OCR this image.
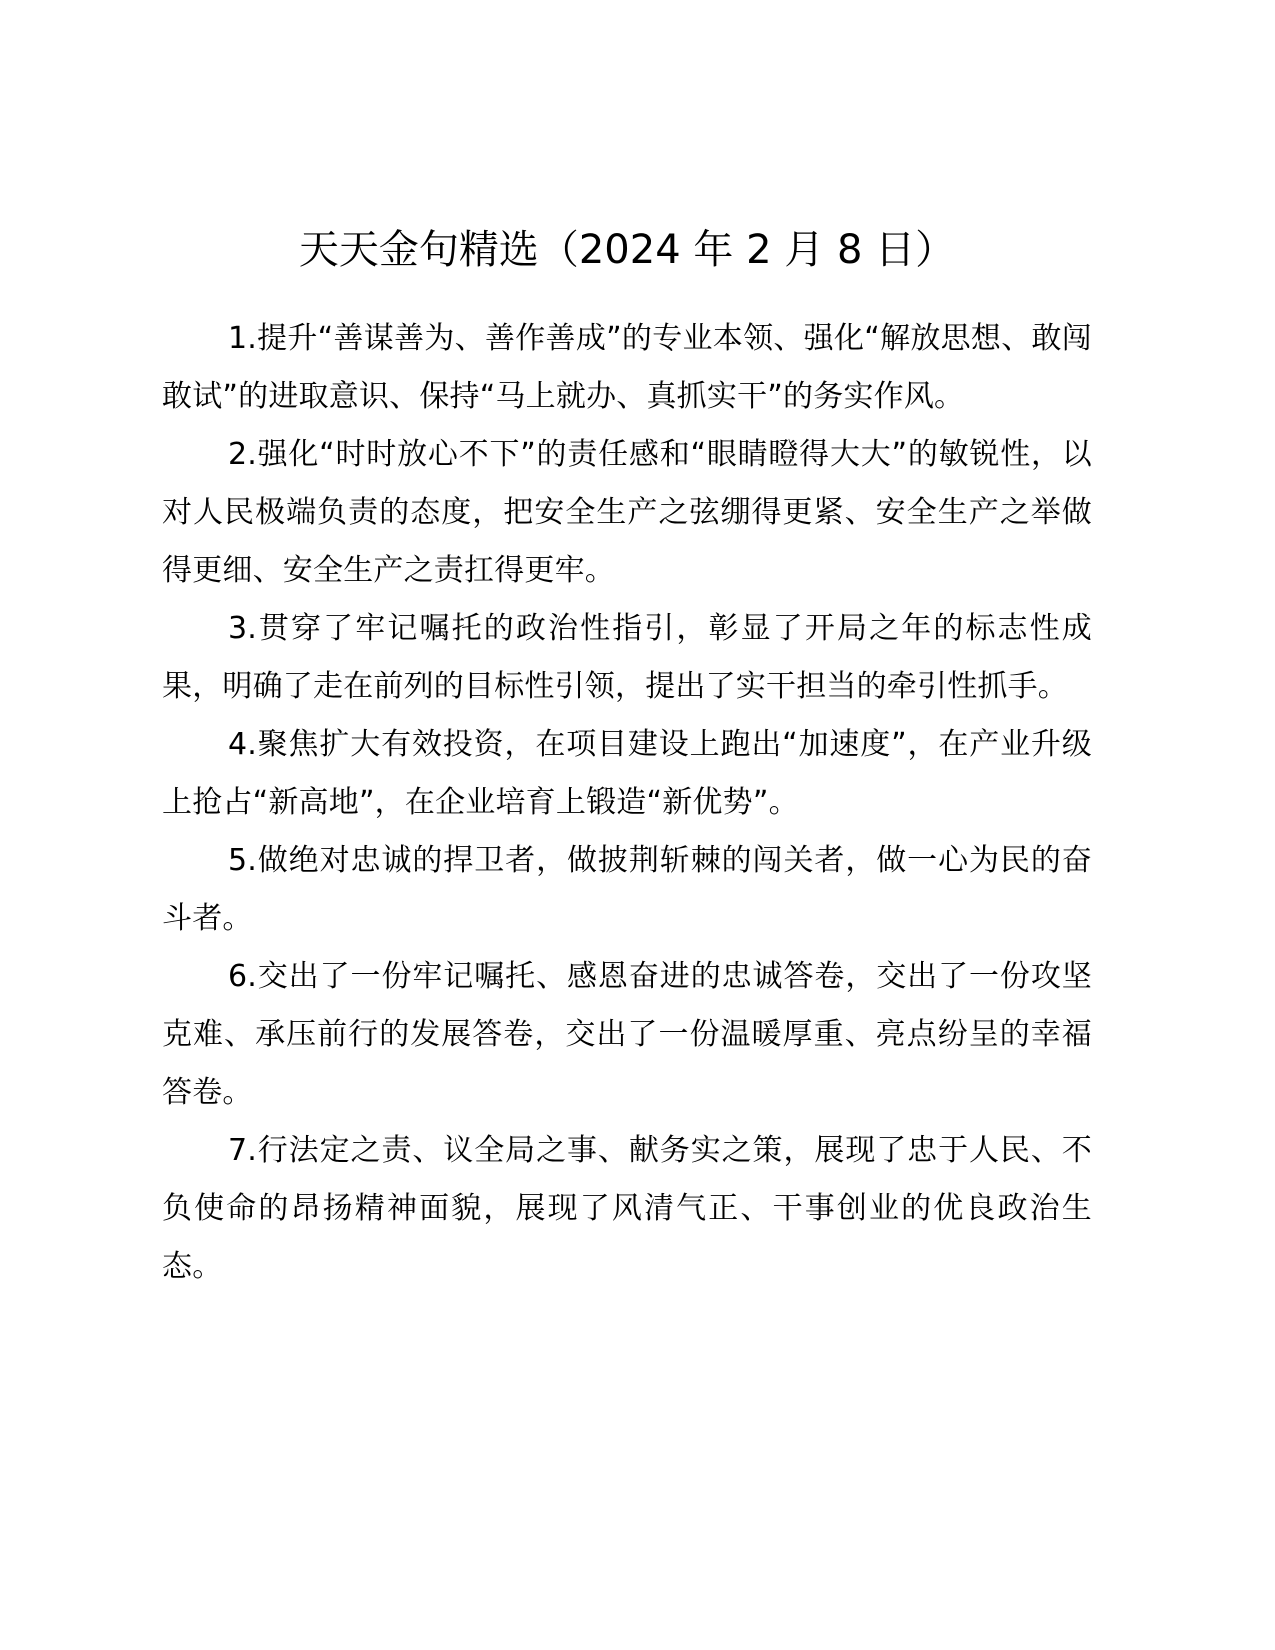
天天金句精选（2024 年 2 月 8 日）

1.提升“善谋善为、善作善成”的专业本领、强化“解放思想、敢闯敢试”的进取意识、保持“马上就办、真抓实干”的务实作风。

2.强化“时时放心不下”的责任感和“眼睛瞪得大大”的敏锐性，以对人民极端负责的态度，把安全生产之弦绷得更紧、安全生产之举做得更细、安全生产之责扛得更牢。

3.贯穿了牢记嘱托的政治性指引，彰显了开局之年的标志性成果，明确了走在前列的目标性引领，提出了实干担当的牵引性抓手。

4.聚焦扩大有效投资，在项目建设上跑出“加速度”，在产业升级上抢占“新高地”，在企业培育上锻造“新优势”。

5.做绝对忠诚的捍卫者，做披荆斩棘的闯关者，做一心为民的奋斗者。

6.交出了一份牢记嘱托、感恩奋进的忠诚答卷，交出了一份攻坚克难、承压前行的发展答卷，交出了一份温暖厚重、亮点纷呈的幸福答卷。

7.行法定之责、议全局之事、献务实之策，展现了忠于人民、不负使命的昂扬精神面貌，展现了风清气正、干事创业的优良政治生态。
